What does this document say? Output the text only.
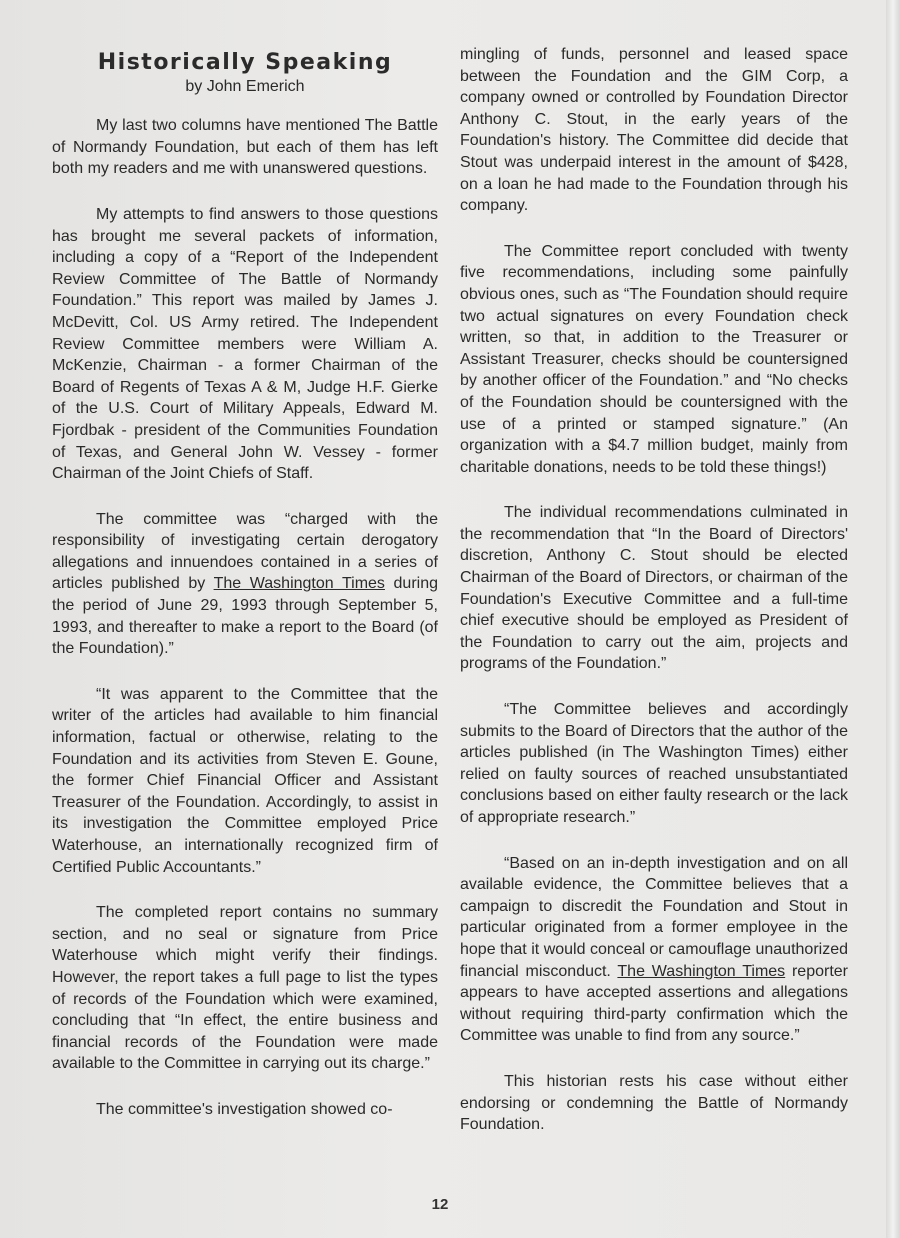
Historically Speaking
by John Emerich

My last two columns have mentioned The Battle of Normandy Foundation, but each of them has left both my readers and me with unanswered questions.

My attempts to find answers to those questions has brought me several packets of information, including a copy of a “Report of the Independent Review Committee of The Battle of Normandy Foundation.” This report was mailed by James J. McDevitt, Col. US Army retired. The Independent Review Committee members were William A. McKenzie, Chairman - a former Chairman of the Board of Regents of Texas A & M, Judge H.F. Gierke of the U.S. Court of Military Appeals, Edward M. Fjordbak - president of the Communities Foundation of Texas, and General John W. Vessey - former Chairman of the Joint Chiefs of Staff.

The committee was “charged with the responsibility of investigating certain derogatory allegations and innuendoes contained in a series of articles published by The Washington Times during the period of June 29, 1993 through September 5, 1993, and thereafter to make a report to the Board (of the Foundation).”

“It was apparent to the Committee that the writer of the articles had available to him financial information, factual or otherwise, relating to the Foundation and its activities from Steven E. Goune, the former Chief Financial Officer and Assistant Treasurer of the Foundation. Accordingly, to assist in its investigation the Committee employed Price Waterhouse, an internationally recognized firm of Certified Public Accountants.”

The completed report contains no summary section, and no seal or signature from Price Waterhouse which might verify their findings. However, the report takes a full page to list the types of records of the Foundation which were examined, concluding that “In effect, the entire business and financial records of the Foundation were made available to the Committee in carrying out its charge.”

The committee's investigation showed co-

mingling of funds, personnel and leased space between the Foundation and the GIM Corp, a company owned or controlled by Foundation Director Anthony C. Stout, in the early years of the Foundation's history. The Committee did decide that Stout was underpaid interest in the amount of $428, on a loan he had made to the Foundation through his company.

The Committee report concluded with twenty five recommendations, including some painfully obvious ones, such as “The Foundation should require two actual signatures on every Foundation check written, so that, in addition to the Treasurer or Assistant Treasurer, checks should be countersigned by another officer of the Foundation.” and “No checks of the Foundation should be countersigned with the use of a printed or stamped signature.” (An organization with a $4.7 million budget, mainly from charitable donations, needs to be told these things!)

The individual recommendations culminated in the recommendation that “In the Board of Directors' discretion, Anthony C. Stout should be elected Chairman of the Board of Directors, or chairman of the Foundation's Executive Committee and a full-time chief executive should be employed as President of the Foundation to carry out the aim, projects and programs of the Foundation.”

“The Committee believes and accordingly submits to the Board of Directors that the author of the articles published (in The Washington Times) either relied on faulty sources of reached unsubstantiated conclusions based on either faulty research or the lack of appropriate research.”

“Based on an in-depth investigation and on all available evidence, the Committee believes that a campaign to discredit the Foundation and Stout in particular originated from a former employee in the hope that it would conceal or camouflage unauthorized financial misconduct. The Washington Times reporter appears to have accepted assertions and allegations without requiring third-party confirmation which the Committee was unable to find from any source.”

This historian rests his case without either endorsing or condemning the Battle of Normandy Foundation.

12
